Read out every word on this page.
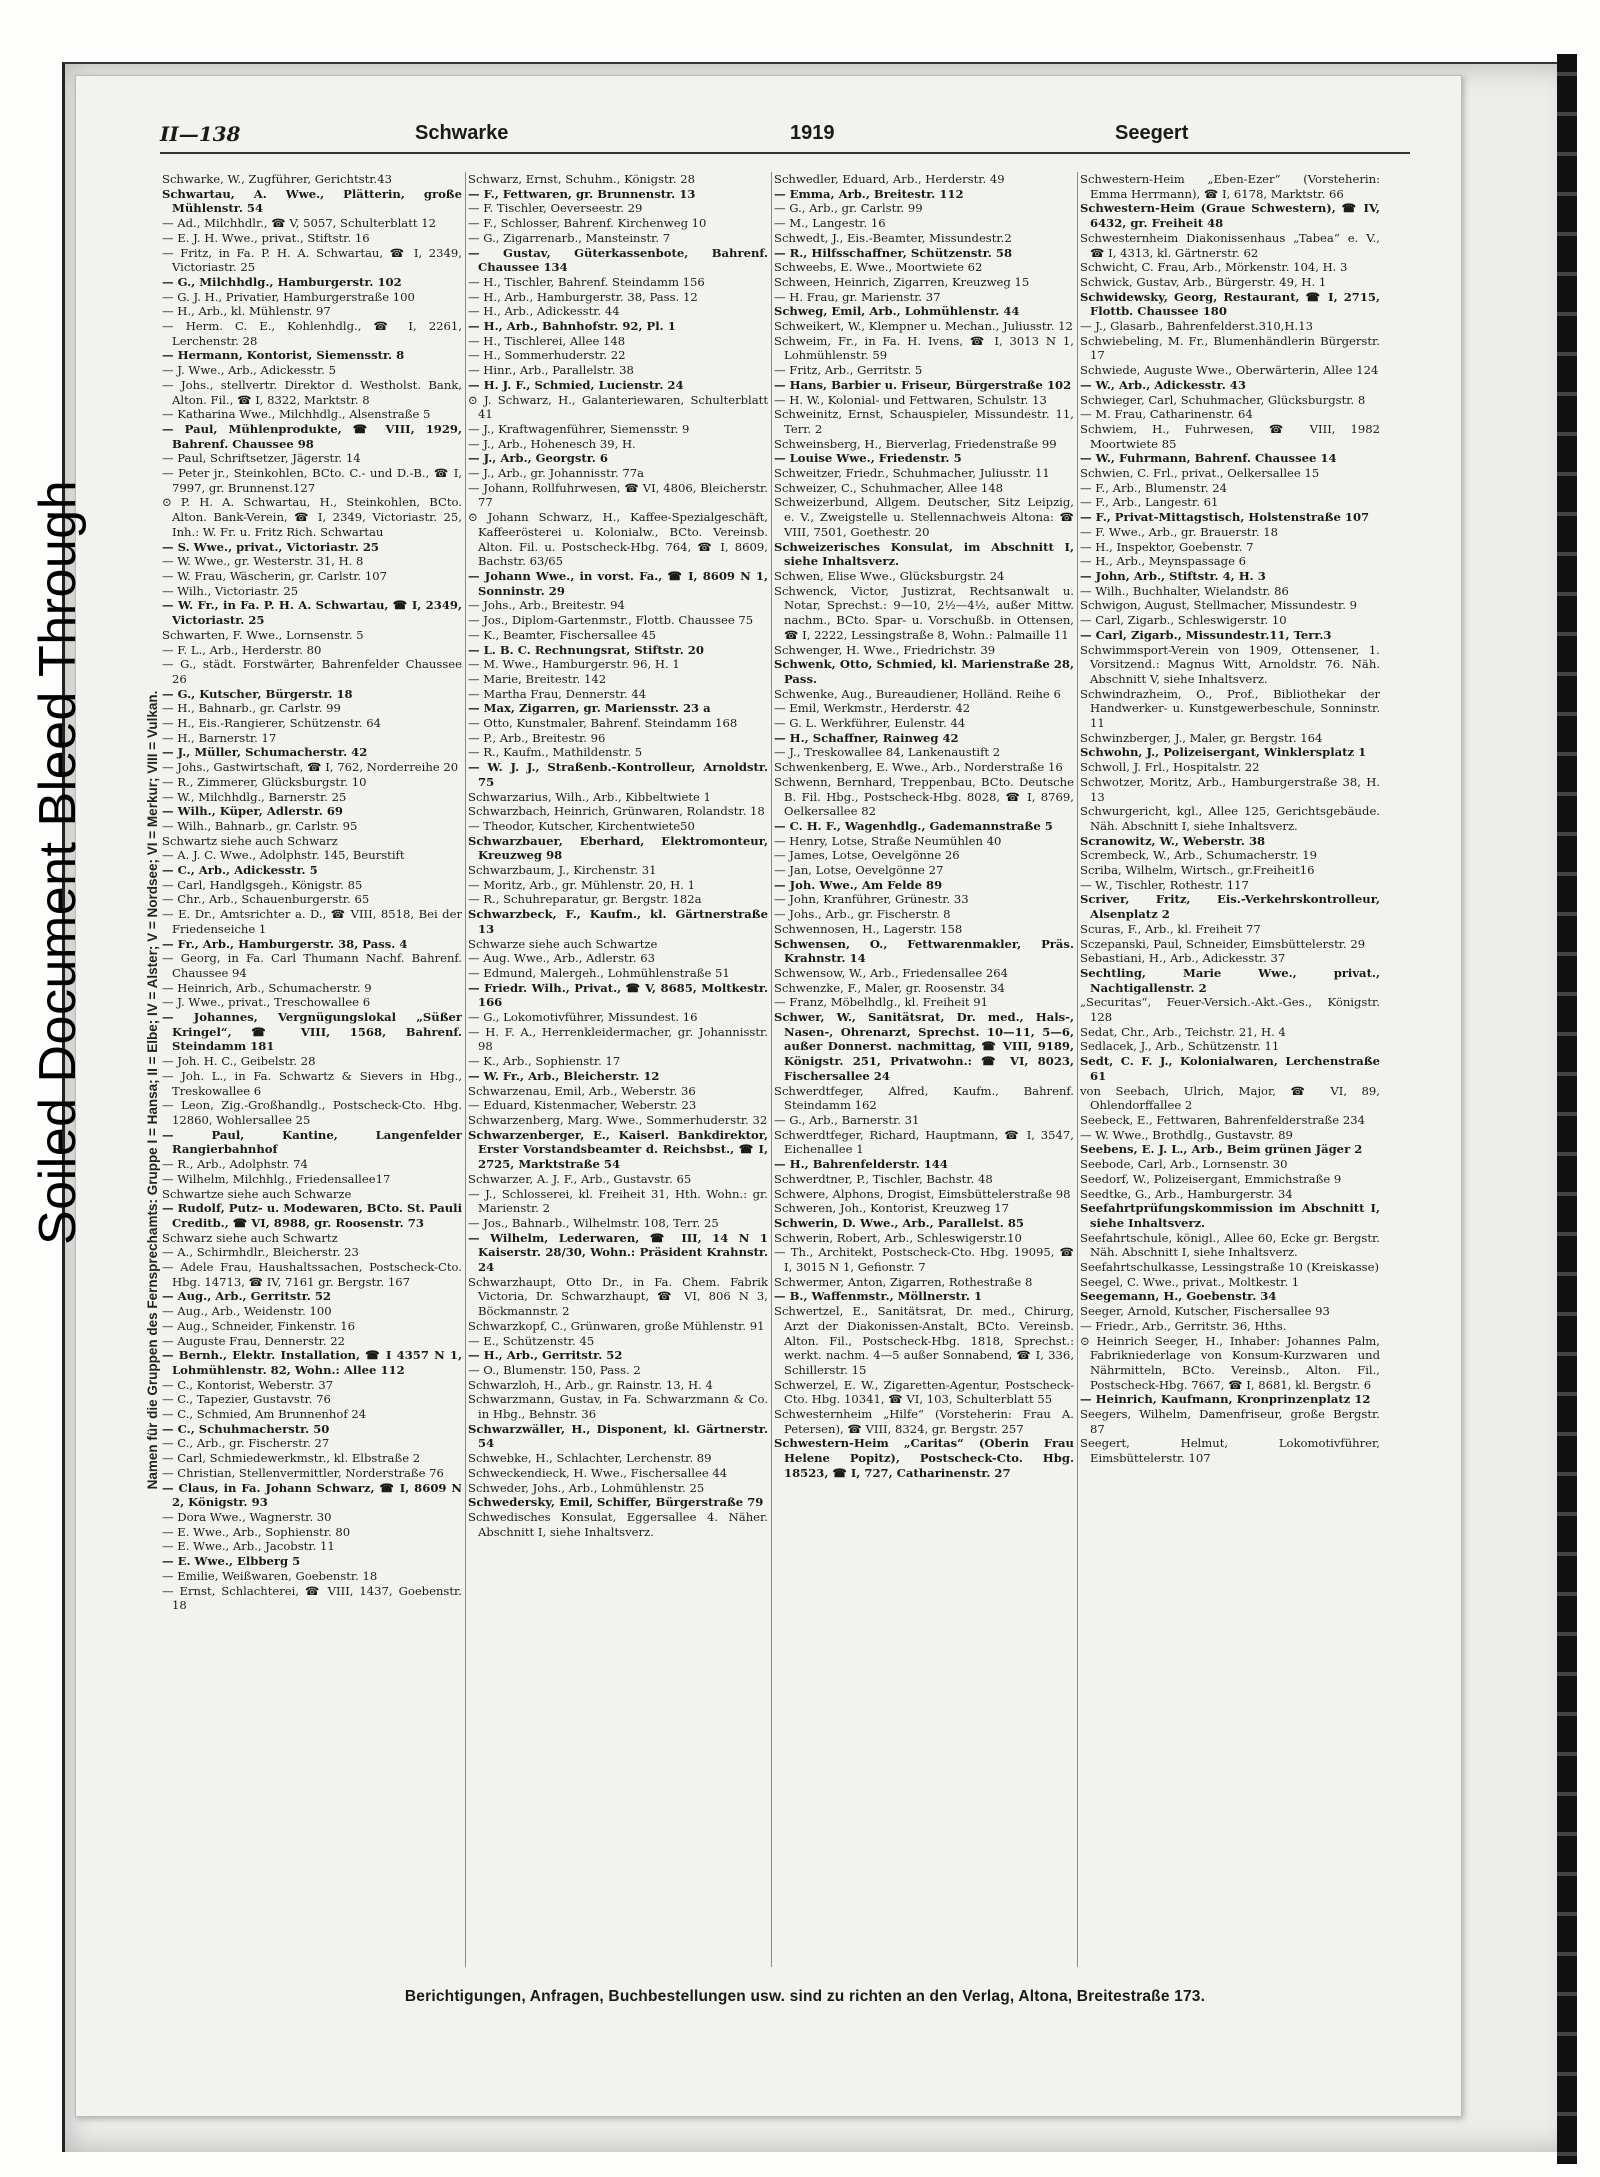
Soiled Document Bleed Through	Namen für die Gruppen des Fernsprechamts: Gruppe I = Hansa; II = Elbe; IV = Alster; V = Nordsee; VI = Merkur; VIII = Vulkan.
II—138	Schwarke	1919	Seegert

Schwarke, W., Zugführer, Gerichtstr.43

Schwartau, A. Wwe., Plätterin, große Mühlenstr. 54

— Ad., Milchhdlr., ☎ V, 5057, Schulterblatt 12

— E. J. H. Wwe., privat., Stiftstr. 16

— Fritz, in Fa. P. H. A. Schwartau, ☎ I, 2349, Victoriastr. 25

— G., Milchhdlg., Hamburgerstr. 102

— G. J. H., Privatier, Hamburgerstraße 100

— H., Arb., kl. Mühlenstr. 97

— Herm. C. E., Kohlenhdlg., ☎ I, 2261, Lerchenstr. 28

— Hermann, Kontorist, Siemensstr. 8

— J. Wwe., Arb., Adickesstr. 5

— Johs., stellvertr. Direktor d. Westholst. Bank, Alton. Fil., ☎ I, 8322, Marktstr. 8

— Katharina Wwe., Milchhdlg., Alsenstraße 5

— Paul, Mühlenprodukte, ☎ VIII, 1929, Bahrenf. Chaussee 98

— Paul, Schriftsetzer, Jägerstr. 14

— Peter jr., Steinkohlen, BCto. C.- und D.-B., ☎ I, 7997, gr. Brunnenst.127

⊙ P. H. A. Schwartau, H., Steinkohlen, BCto. Alton. Bank-Verein, ☎ I, 2349, Victoriastr. 25, Inh.: W. Fr. u. Fritz Rich. Schwartau

— S. Wwe., privat., Victoriastr. 25

— W. Wwe., gr. Westerstr. 31, H. 8

— W. Frau, Wäscherin, gr. Carlstr. 107

— Wilh., Victoriastr. 25

— W. Fr., in Fa. P. H. A. Schwartau, ☎ I, 2349, Victoriastr. 25

Schwarten, F. Wwe., Lornsenstr. 5

— F. L., Arb., Herderstr. 80

— G., städt. Forstwärter, Bahrenfelder Chaussee 26

— G., Kutscher, Bürgerstr. 18

— H., Bahnarb., gr. Carlstr. 99

— H., Eis.-Rangierer, Schützenstr. 64

— H., Barnerstr. 17

— J., Müller, Schumacherstr. 42

— Johs., Gastwirtschaft, ☎ I, 762, Norderreihe 20

— R., Zimmerer, Glücksburgstr. 10

— W., Milchhdlg., Barnerstr. 25

— Wilh., Küper, Adlerstr. 69

— Wilh., Bahnarb., gr. Carlstr. 95

Schwartz siehe auch Schwarz

— A. J. C. Wwe., Adolphstr. 145, Beurstift

— C., Arb., Adickesstr. 5

— Carl, Handlgsgeh., Königstr. 85

— Chr., Arb., Schauenburgerstr. 65

— E. Dr., Amtsrichter a. D., ☎ VIII, 8518, Bei der Friedenseiche 1

— Fr., Arb., Hamburgerstr. 38, Pass. 4

— Georg, in Fa. Carl Thumann Nachf. Bahrenf. Chaussee 94

— Heinrich, Arb., Schumacherstr. 9

— J. Wwe., privat., Treschowallee 6

— Johannes, Vergnügungslokal „Süßer Kringel“, ☎ VIII, 1568, Bahrenf. Steindamm 181

— Joh. H. C., Geibelstr. 28

— Joh. L., in Fa. Schwartz & Sievers in Hbg., Treskowallee 6

— Leon, Zig.-Großhandlg., Postscheck-Cto. Hbg. 12860, Wohlersallee 25

— Paul, Kantine, Langenfelder Rangierbahnhof

— R., Arb., Adolphstr. 74

— Wilhelm, Milchhlg., Friedensallee17

Schwartze siehe auch Schwarze

— Rudolf, Putz- u. Modewaren, BCto. St. Pauli Creditb., ☎ VI, 8988, gr. Roosenstr. 73

Schwarz siehe auch Schwartz

— A., Schirmhdlr., Bleicherstr. 23

— Adele Frau, Haushaltssachen, Postscheck-Cto. Hbg. 14713, ☎ IV, 7161 gr. Bergstr. 167

— Aug., Arb., Gerritstr. 52

— Aug., Arb., Weidenstr. 100

— Aug., Schneider, Finkenstr. 16

— Auguste Frau, Dennerstr. 22

— Bernh., Elektr. Installation, ☎ I 4357 N 1, Lohmühlenstr. 82, Wohn.: Allee 112

— C., Kontorist, Weberstr. 37

— C., Tapezier, Gustavstr. 76

— C., Schmied, Am Brunnenhof 24

— C., Schuhmacherstr. 50

— C., Arb., gr. Fischerstr. 27

— Carl, Schmiedewerkmstr., kl. Elbstraße 2

— Christian, Stellenvermittler, Norderstraße 76

— Claus, in Fa. Johann Schwarz, ☎ I, 8609 N 2, Königstr. 93

— Dora Wwe., Wagnerstr. 30

— E. Wwe., Arb., Sophienstr. 80

— E. Wwe., Arb., Jacobstr. 11

— E. Wwe., Elbberg 5

— Emilie, Weißwaren, Goebenstr. 18

— Ernst, Schlachterei, ☎ VIII, 1437, Goebenstr. 18

Schwarz, Ernst, Schuhm., Königstr. 28

— F., Fettwaren, gr. Brunnenstr. 13

— F. Tischler, Oeverseestr. 29

— F., Schlosser, Bahrenf. Kirchenweg 10

— G., Zigarrenarb., Mansteinstr. 7

— Gustav, Güterkassenbote, Bahrenf. Chaussee 134

— H., Tischler, Bahrenf. Steindamm 156

— H., Arb., Hamburgerstr. 38, Pass. 12

— H., Arb., Adickesstr. 44

— H., Arb., Bahnhofstr. 92, Pl. 1

— H., Tischlerei, Allee 148

— H., Sommerhuderstr. 22

— Hinr., Arb., Parallelstr. 38

— H. J. F., Schmied, Lucienstr. 24

⊙ J. Schwarz, H., Galanteriewaren, Schulterblatt 41

— J., Kraftwagenführer, Siemensstr. 9

— J., Arb., Hohenesch 39, H.

— J., Arb., Georgstr. 6

— J., Arb., gr. Johannisstr. 77a

— Johann, Rollfuhrwesen, ☎ VI, 4806, Bleicherstr. 77

⊙ Johann Schwarz, H., Kaffee-Spezialgeschäft, Kaffeerösterei u. Kolonialw., BCto. Vereinsb. Alton. Fil. u. Postscheck-Hbg. 764, ☎ I, 8609, Bachstr. 63/65

— Johann Wwe., in vorst. Fa., ☎ I, 8609 N 1, Sonninstr. 29

— Johs., Arb., Breitestr. 94

— Jos., Diplom-Gartenmstr., Flottb. Chaussee 75

— K., Beamter, Fischersallee 45

— L. B. C. Rechnungsrat, Stiftstr. 20

— M. Wwe., Hamburgerstr. 96, H. 1

— Marie, Breitestr. 142

— Martha Frau, Dennerstr. 44

— Max, Zigarren, gr. Mariensstr. 23 a

— Otto, Kunstmaler, Bahrenf. Steindamm 168

— P., Arb., Breitestr. 96

— R., Kaufm., Mathildenstr. 5

— W. J. J., Straßenb.-Kontrolleur, Arnoldstr. 75

Schwarzarius, Wilh., Arb., Kibbeltwiete 1

Schwarzbach, Heinrich, Grünwaren, Rolandstr. 18

— Theodor, Kutscher, Kirchentwiete50

Schwarzbauer, Eberhard, Elektromonteur, Kreuzweg 98

Schwarzbaum, J., Kirchenstr. 31

— Moritz, Arb., gr. Mühlenstr. 20, H. 1

— R., Schuhreparatur, gr. Bergstr. 182a

Schwarzbeck, F., Kaufm., kl. Gärtnerstraße 13

Schwarze siehe auch Schwartze

— Aug. Wwe., Arb., Adlerstr. 63

— Edmund, Malergeh., Lohmühlenstraße 51

— Friedr. Wilh., Privat., ☎ V, 8685, Moltkestr. 166

— G., Lokomotivführer, Missundest. 16

— H. F. A., Herrenkleidermacher, gr. Johannisstr. 98

— K., Arb., Sophienstr. 17

— W. Fr., Arb., Bleicherstr. 12

Schwarzenau, Emil, Arb., Weberstr. 36

— Eduard, Kistenmacher, Weberstr. 23

Schwarzenberg, Marg. Wwe., Sommerhuderstr. 32

Schwarzenberger, E., Kaiserl. Bankdirektor, Erster Vorstandsbeamter d. Reichsbst., ☎ I, 2725, Marktstraße 54

Schwarzer, A. J. F., Arb., Gustavstr. 65

— J., Schlosserei, kl. Freiheit 31, Hth. Wohn.: gr. Marienstr. 2

— Jos., Bahnarb., Wilhelmstr. 108, Terr. 25

— Wilhelm, Lederwaren, ☎ III, 14 N 1 Kaiserstr. 28/30, Wohn.: Präsident Krahnstr. 24

Schwarzhaupt, Otto Dr., in Fa. Chem. Fabrik Victoria, Dr. Schwarzhaupt, ☎ VI, 806 N 3, Böckmannstr. 2

Schwarzkopf, C., Grünwaren, große Mühlenstr. 91

— E., Schützenstr. 45

— H., Arb., Gerritstr. 52

— O., Blumenstr. 150, Pass. 2

Schwarzloh, H., Arb., gr. Rainstr. 13, H. 4

Schwarzmann, Gustav, in Fa. Schwarzmann & Co. in Hbg., Behnstr. 36

Schwarzwäller, H., Disponent, kl. Gärtnerstr. 54

Schwebke, H., Schlachter, Lerchenstr. 89

Schweckendieck, H. Wwe., Fischersallee 44

Schweder, Johs., Arb., Lohmühlenstr. 25

Schwedersky, Emil, Schiffer, Bürgerstraße 79

Schwedisches Konsulat, Eggersallee 4. Näher. Abschnitt I, siehe Inhaltsverz.

Schwedler, Eduard, Arb., Herderstr. 49

— Emma, Arb., Breitestr. 112

— G., Arb., gr. Carlstr. 99

— M., Langestr. 16

Schwedt, J., Eis.-Beamter, Missundestr.2

— R., Hilfsschaffner, Schützenstr. 58

Schweebs, E. Wwe., Moortwiete 62

Schween, Heinrich, Zigarren, Kreuzweg 15

— H. Frau, gr. Marienstr. 37

Schweg, Emil, Arb., Lohmühlenstr. 44

Schweikert, W., Klempner u. Mechan., Juliusstr. 12

Schweim, Fr., in Fa. H. Ivens, ☎ I, 3013 N 1, Lohmühlenstr. 59

— Fritz, Arb., Gerritstr. 5

— Hans, Barbier u. Friseur, Bürgerstraße 102

— H. W., Kolonial- und Fettwaren, Schulstr. 13

Schweinitz, Ernst, Schauspieler, Missundestr. 11, Terr. 2

Schweinsberg, H., Bierverlag, Friedenstraße 99

— Louise Wwe., Friedenstr. 5

Schweitzer, Friedr., Schuhmacher, Juliusstr. 11

Schweizer, C., Schuhmacher, Allee 148

Schweizerbund, Allgem. Deutscher, Sitz Leipzig, e. V., Zweigstelle u. Stellennachweis Altona: ☎ VIII, 7501, Goethestr. 20

Schweizerisches Konsulat, im Abschnitt I, siehe Inhaltsverz.

Schwen, Elise Wwe., Glücksburgstr. 24

Schwenck, Victor, Justizrat, Rechtsanwalt u. Notar, Sprechst.: 9—10, 2½—4½, außer Mittw. nachm., BCto. Spar- u. Vorschußb. in Ottensen, ☎ I, 2222, Lessingstraße 8, Wohn.: Palmaille 11

Schwenger, H. Wwe., Friedrichstr. 39

Schwenk, Otto, Schmied, kl. Marienstraße 28, Pass.

Schwenke, Aug., Bureaudiener, Holländ. Reihe 6

— Emil, Werkmstr., Herderstr. 42

— G. L. Werkführer, Eulenstr. 44

— H., Schaffner, Rainweg 42

— J., Treskowallee 84, Lankenaustift 2

Schwenkenberg, E. Wwe., Arb., Norderstraße 16

Schwenn, Bernhard, Treppenbau, BCto. Deutsche B. Fil. Hbg., Postscheck-Hbg. 8028, ☎ I, 8769, Oelkersallee 82

— C. H. F., Wagenhdlg., Gademannstraße 5

— Henry, Lotse, Straße Neumühlen 40

— James, Lotse, Oevelgönne 26

— Jan, Lotse, Oevelgönne 27

— Joh. Wwe., Am Felde 89

— John, Kranführer, Grünestr. 33

— Johs., Arb., gr. Fischerstr. 8

Schwennosen, H., Lagerstr. 158

Schwensen, O., Fettwarenmakler, Präs. Krahnstr. 14

Schwensow, W., Arb., Friedensallee 264

Schwenzke, F., Maler, gr. Roosenstr. 34

— Franz, Möbelhdlg., kl. Freiheit 91

Schwer, W., Sanitätsrat, Dr. med., Hals-, Nasen-, Ohrenarzt, Sprechst. 10—11, 5—6, außer Donnerst. nachmittag, ☎ VIII, 9189, Königstr. 251, Privatwohn.: ☎ VI, 8023, Fischersallee 24

Schwerdtfeger, Alfred, Kaufm., Bahrenf. Steindamm 162

— G., Arb., Barnerstr. 31

Schwerdtfeger, Richard, Hauptmann, ☎ I, 3547, Eichenallee 1

— H., Bahrenfelderstr. 144

Schwerdtner, P., Tischler, Bachstr. 48

Schwere, Alphons, Drogist, Eimsbüttelerstraße 98

Schweren, Joh., Kontorist, Kreuzweg 17

Schwerin, D. Wwe., Arb., Parallelst. 85

Schwerin, Robert, Arb., Schleswigerstr.10

— Th., Architekt, Postscheck-Cto. Hbg. 19095, ☎ I, 3015 N 1, Gefionstr. 7

Schwermer, Anton, Zigarren, Rothestraße 8

— B., Waffenmstr., Möllnerstr. 1

Schwertzel, E., Sanitätsrat, Dr. med., Chirurg, Arzt der Diakonissen-Anstalt, BCto. Vereinsb. Alton. Fil., Postscheck-Hbg. 1818, Sprechst.: werkt. nachm. 4—5 außer Sonnabend, ☎ I, 336, Schillerstr. 15

Schwerzel, E. W., Zigaretten-Agentur, Postscheck-Cto. Hbg. 10341, ☎ VI, 103, Schulterblatt 55

Schwesternheim „Hilfe“ (Vorsteherin: Frau A. Petersen), ☎ VIII, 8324, gr. Bergstr. 257

Schwestern-Heim „Caritas“ (Oberin Frau Helene Popitz), Postscheck-Cto. Hbg. 18523, ☎ I, 727, Catharinenstr. 27

Schwestern-Heim „Eben-Ezer“ (Vorsteherin: Emma Herrmann), ☎ I, 6178, Marktstr. 66

Schwestern-Heim (Graue Schwestern), ☎ IV, 6432, gr. Freiheit 48

Schwesternheim Diakonissenhaus „Tabea“ e. V., ☎ I, 4313, kl. Gärtnerstr. 62

Schwicht, C. Frau, Arb., Mörkenstr. 104, H. 3

Schwick, Gustav, Arb., Bürgerstr. 49, H. 1

Schwidewsky, Georg, Restaurant, ☎ I, 2715, Flottb. Chaussee 180

— J., Glasarb., Bahrenfelderst.310,H.13

Schwiebeling, M. Fr., Blumenhändlerin Bürgerstr. 17

Schwiede, Auguste Wwe., Oberwärterin, Allee 124

— W., Arb., Adickesstr. 43

Schwieger, Carl, Schuhmacher, Glücksburgstr. 8

— M. Frau, Catharinenstr. 64

Schwiem, H., Fuhrwesen, ☎ VIII, 1982 Moortwiete 85

— W., Fuhrmann, Bahrenf. Chaussee 14

Schwien, C. Frl., privat., Oelkersallee 15

— F., Arb., Blumenstr. 24

— F., Arb., Langestr. 61

— F., Privat-Mittagstisch, Holstenstraße 107

— F. Wwe., Arb., gr. Brauerstr. 18

— H., Inspektor, Goebenstr. 7

— H., Arb., Meynspassage 6

— John, Arb., Stiftstr. 4, H. 3

— Wilh., Buchhalter, Wielandstr. 86

Schwigon, August, Stellmacher, Missundestr. 9

— Carl, Zigarb., Schleswigerstr. 10

— Carl, Zigarb., Missundestr.11, Terr.3

Schwimmsport-Verein von 1909, Ottensener, 1. Vorsitzend.: Magnus Witt, Arnoldstr. 76. Näh. Abschnitt V, siehe Inhaltsverz.

Schwindrazheim, O., Prof., Bibliothekar der Handwerker- u. Kunstgewerbeschule, Sonninstr. 11

Schwinzberger, J., Maler, gr. Bergstr. 164

Schwohn, J., Polizeisergant, Winklersplatz 1

Schwoll, J. Frl., Hospitalstr. 22

Schwotzer, Moritz, Arb., Hamburgerstraße 38, H. 13

Schwurgericht, kgl., Allee 125, Gerichtsgebäude. Näh. Abschnitt I, siehe Inhaltsverz.

Scranowitz, W., Weberstr. 38

Scrembeck, W., Arb., Schumacherstr. 19

Scriba, Wilhelm, Wirtsch., gr.Freiheit16

— W., Tischler, Rothestr. 117

Scriver, Fritz, Eis.-Verkehrskontrolleur, Alsenplatz 2

Scuras, F., Arb., kl. Freiheit 77

Sczepanski, Paul, Schneider, Eimsbüttelerstr. 29

Sebastiani, H., Arb., Adickesstr. 37

Sechtling, Marie Wwe., privat., Nachtigallenstr. 2

„Securitas“, Feuer-Versich.-Akt.-Ges., Königstr. 128

Sedat, Chr., Arb., Teichstr. 21, H. 4

Sedlacek, J., Arb., Schützenstr. 11

Sedt, C. F. J., Kolonialwaren, Lerchenstraße 61

von Seebach, Ulrich, Major, ☎ VI, 89, Ohlendorffallee 2

Seebeck, E., Fettwaren, Bahrenfelderstraße 234

— W. Wwe., Brothdlg., Gustavstr. 89

Seebens, E. J. L., Arb., Beim grünen Jäger 2

Seebode, Carl, Arb., Lornsenstr. 30

Seedorf, W., Polizeisergant, Emmichstraße 9

Seedtke, G., Arb., Hamburgerstr. 34

Seefahrtprüfungskommission im Abschnitt I, siehe Inhaltsverz.

Seefahrtschule, königl., Allee 60, Ecke gr. Bergstr. Näh. Abschnitt I, siehe Inhaltsverz.

Seefahrtschulkasse, Lessingstraße 10 (Kreiskasse)

Seegel, C. Wwe., privat., Moltkestr. 1

Seegemann, H., Goebenstr. 34

Seeger, Arnold, Kutscher, Fischersallee 93

— Friedr., Arb., Gerritstr. 36, Hths.

⊙ Heinrich Seeger, H., Inhaber: Johannes Palm, Fabrikniederlage von Konsum-Kurzwaren und Nährmitteln, BCto. Vereinsb., Alton. Fil., Postscheck-Hbg. 7667, ☎ I, 8681, kl. Bergstr. 6

— Heinrich, Kaufmann, Kronprinzenplatz 12

Seegers, Wilhelm, Damenfriseur, große Bergstr. 87

Seegert, Helmut, Lokomotivführer, Eimsbüttelerstr. 107

Berichtigungen, Anfragen, Buchbestellungen usw. sind zu richten an den Verlag, Altona, Breitestraße 173.
